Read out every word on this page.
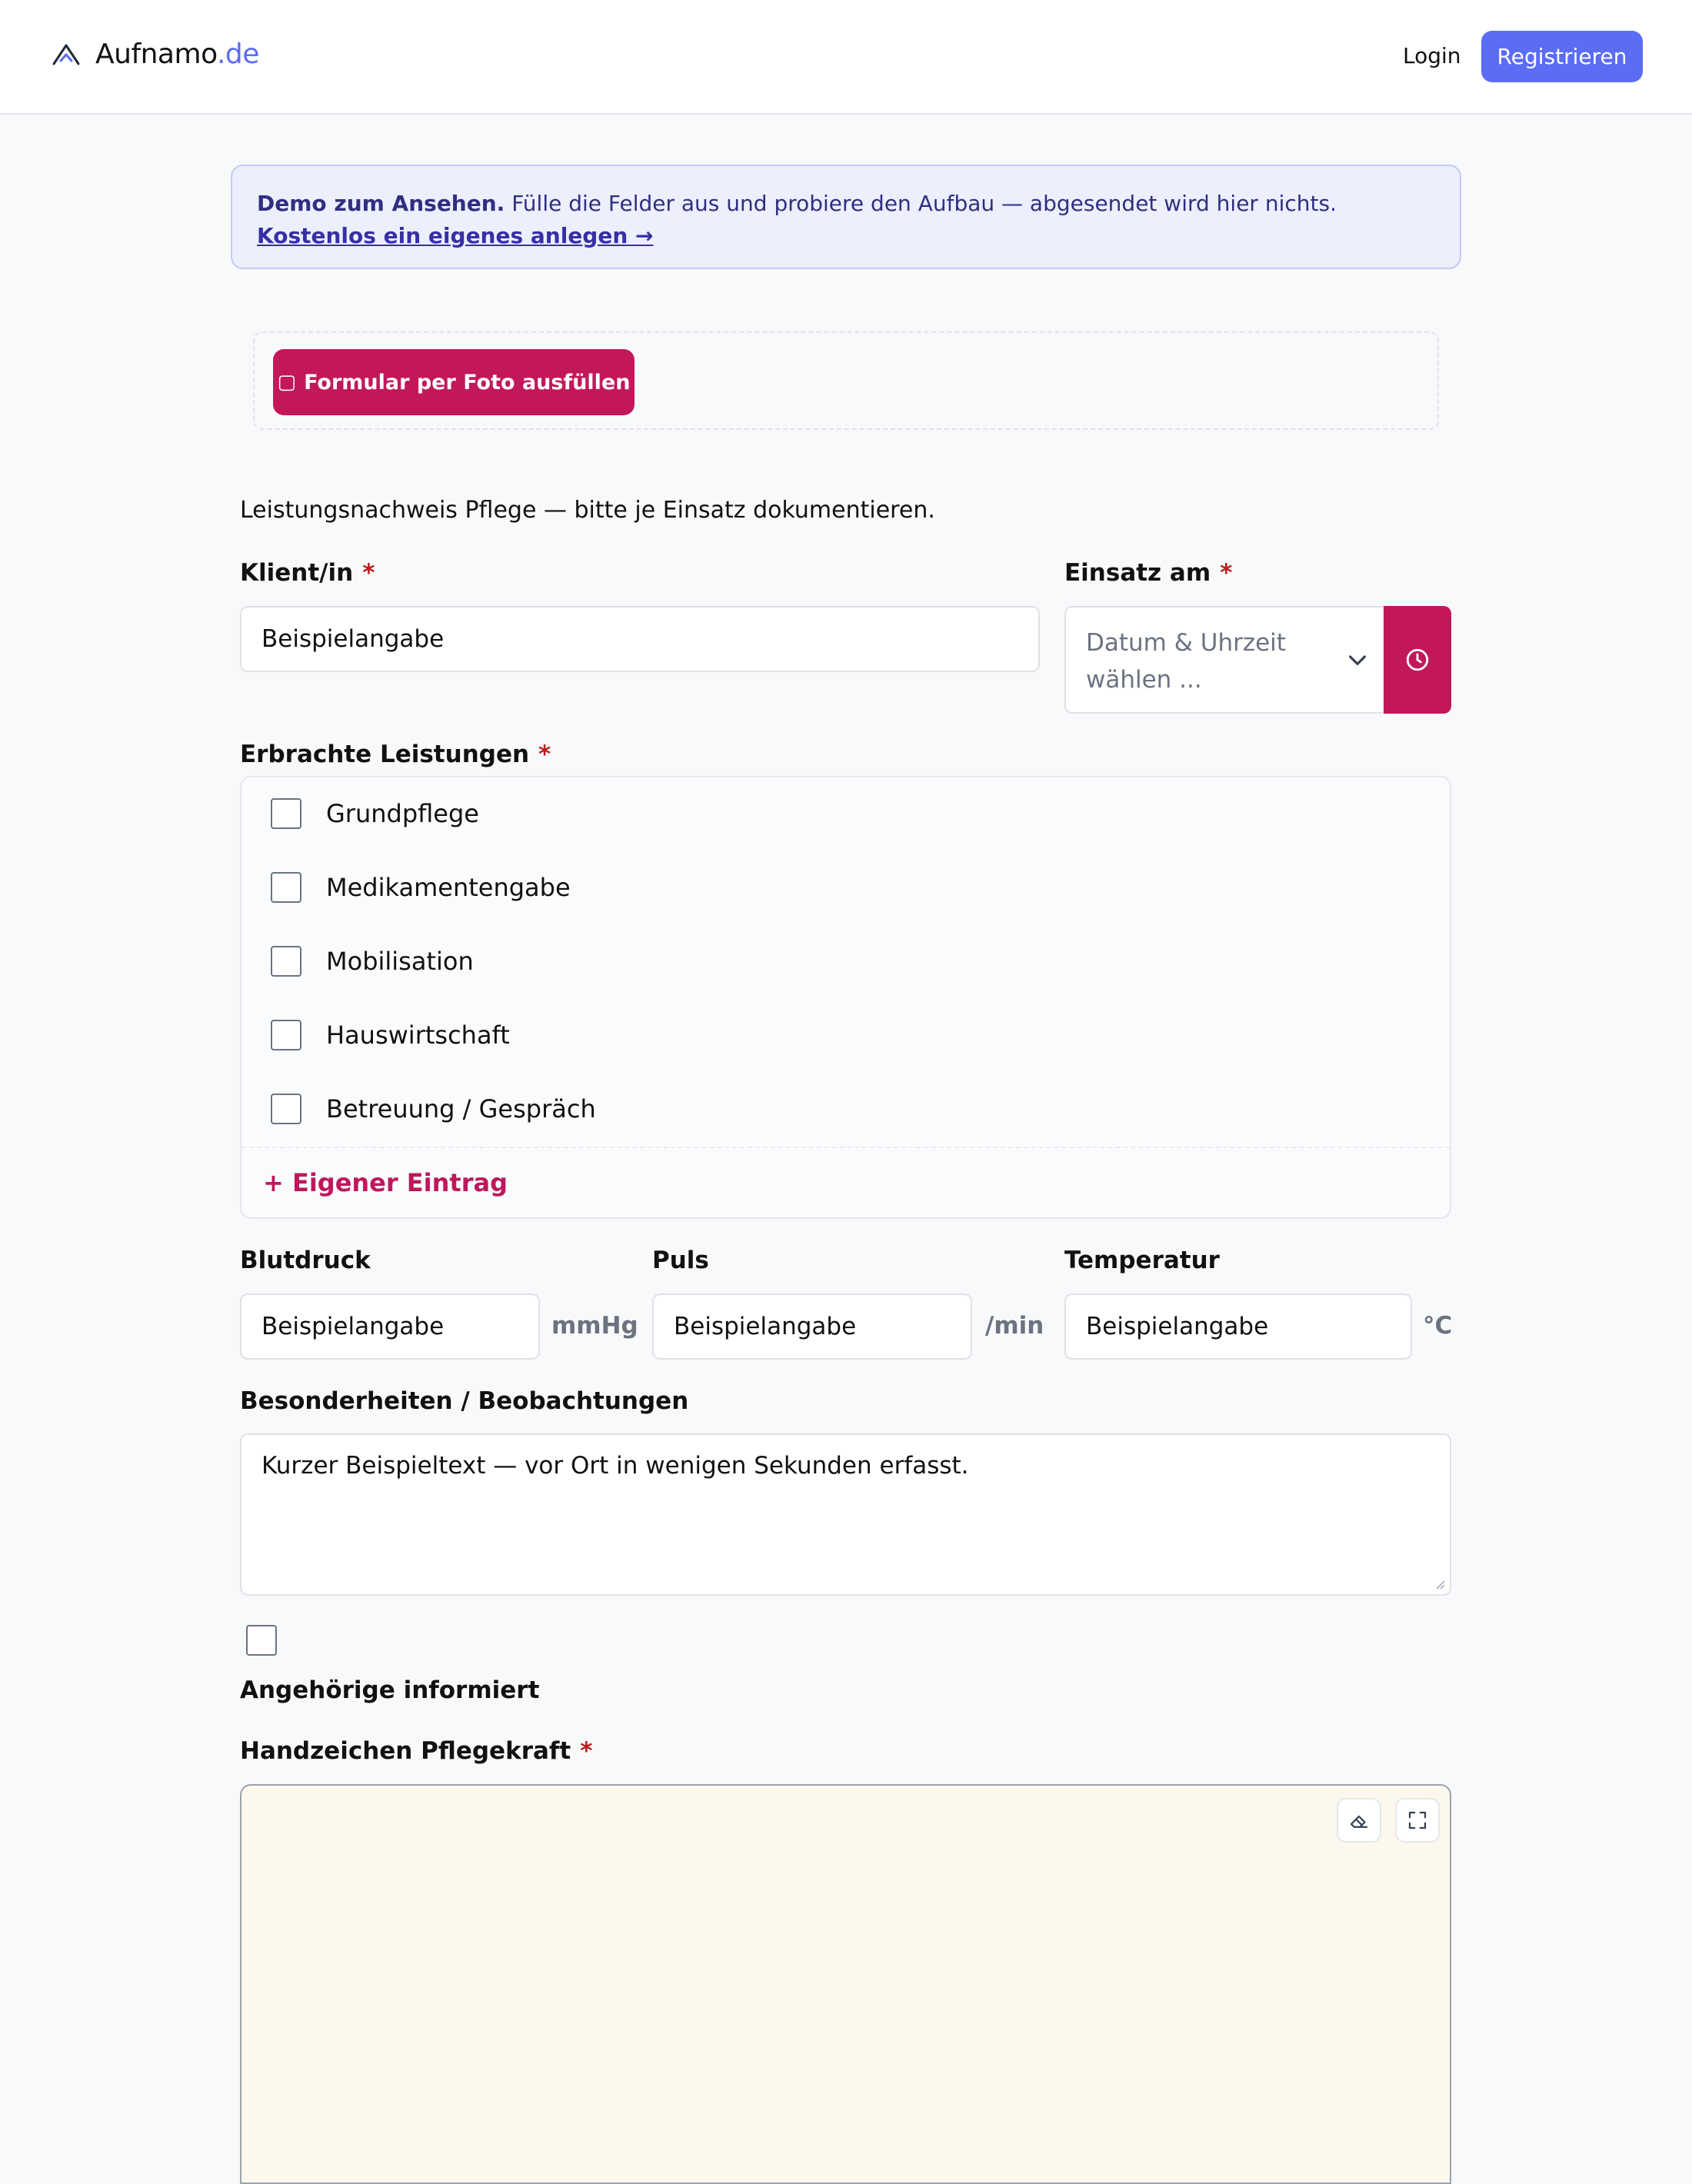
Aufnamo.de	Login	Registrieren
Demo zum Ansehen. Fülle die Felder aus und probiere den Aufbau — abgesendet wird hier nichts.
Kostenlos ein eigenes anlegen →
▢ Formular per Foto ausfüllen
Leistungsnachweis Pflege — bitte je Einsatz dokumentieren.
Klient/in *
Beispielangabe
Einsatz am *
Datum & Uhrzeit
wählen ...
Erbrachte Leistungen *
Grundpflege
Medikamentengabe
Mobilisation
Hauswirtschaft
Betreuung / Gespräch
+ Eigener Eintrag
Blutdruck
Beispielangabe	mmHg
Puls
Beispielangabe	/min
Temperatur
Beispielangabe	°C
Besonderheiten / Beobachtungen
Kurzer Beispieltext — vor Ort in wenigen Sekunden erfasst.
Angehörige informiert
Handzeichen Pflegekraft *
